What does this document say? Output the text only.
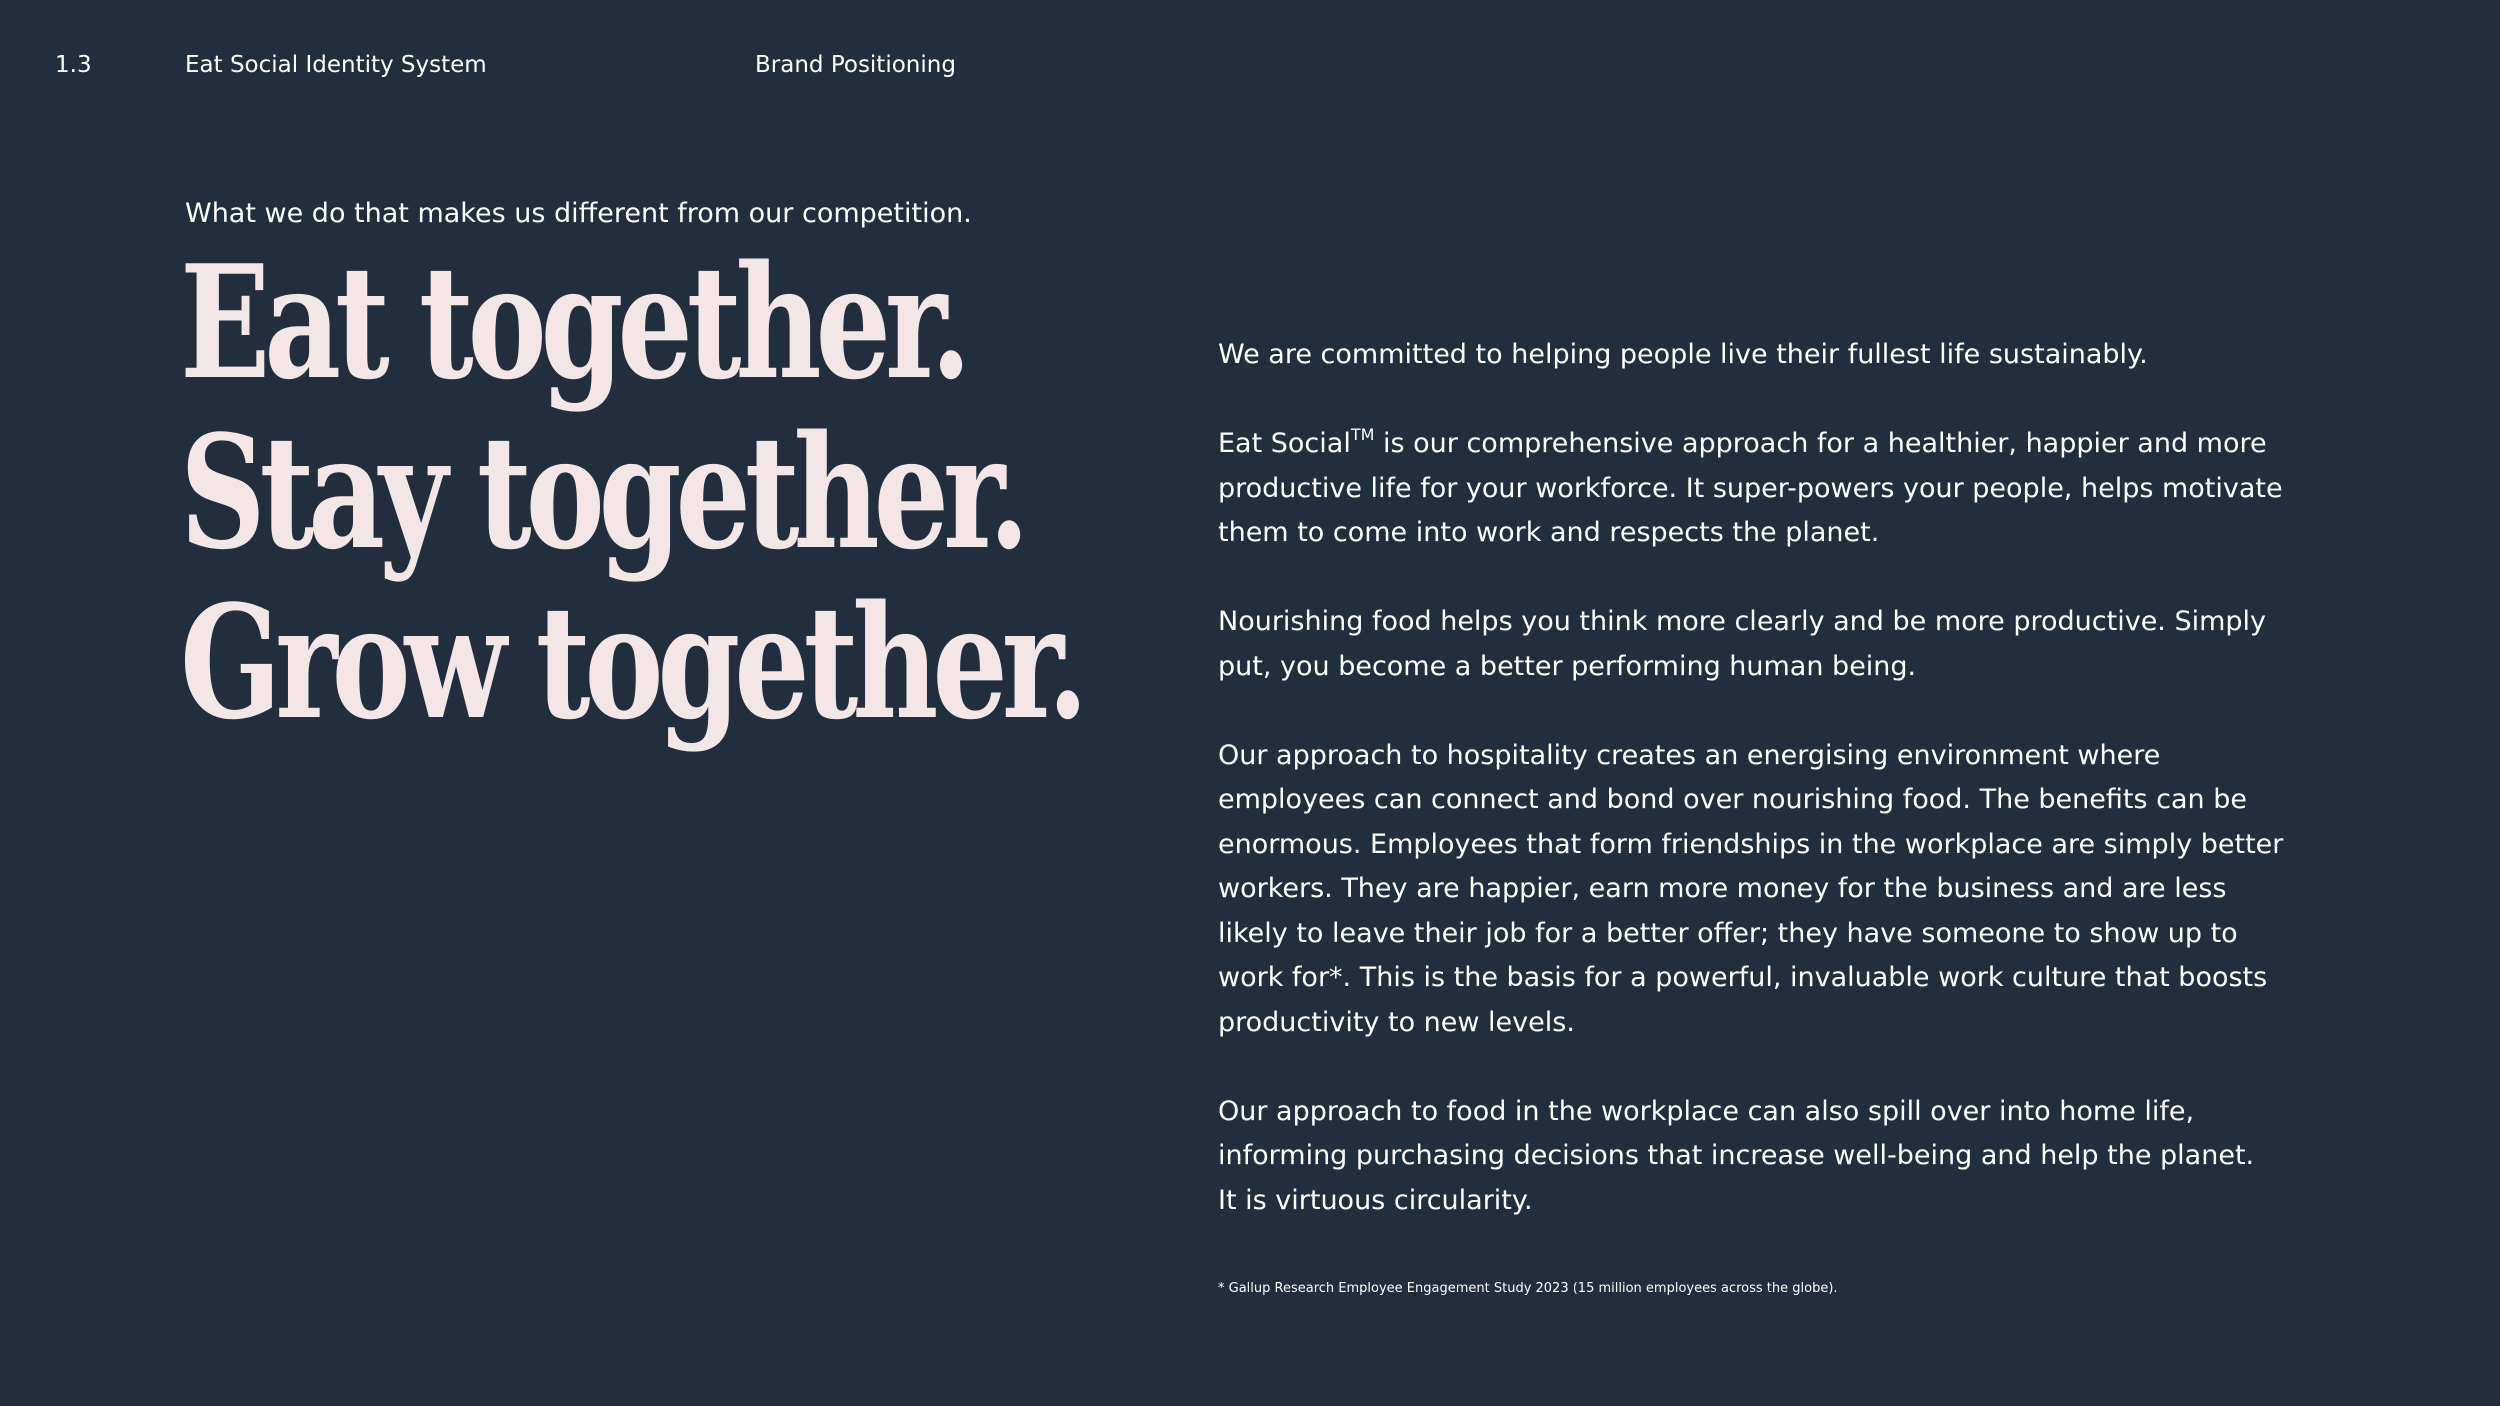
1.3	Eat Social Identity System	Brand Positioning
What we do that makes us different from our competition.
Eat together.
Stay together.
Grow together.

We are committed to helping people live their fullest life sustainably.

Eat Social™ is our comprehensive approach for a healthier, happier and more productive life for your workforce. It super-powers your people, helps motivate them to come into work and respects the planet.

Nourishing food helps you think more clearly and be more productive. Simply put, you become a better performing human being.

Our approach to hospitality creates an energising environment where employees can connect and bond over nourishing food. The benefits can be enormous. Employees that form friendships in the workplace are simply better workers. They are happier, earn more money for the business and are less likely to leave their job for a better offer; they have someone to show up to work for*. This is the basis for a powerful, invaluable work culture that boosts productivity to new levels.

Our approach to food in the workplace can also spill over into home life, informing purchasing decisions that increase well-being and help the planet.
It is virtuous circularity.

* Gallup Research Employee Engagement Study 2023 (15 million employees across the globe).
